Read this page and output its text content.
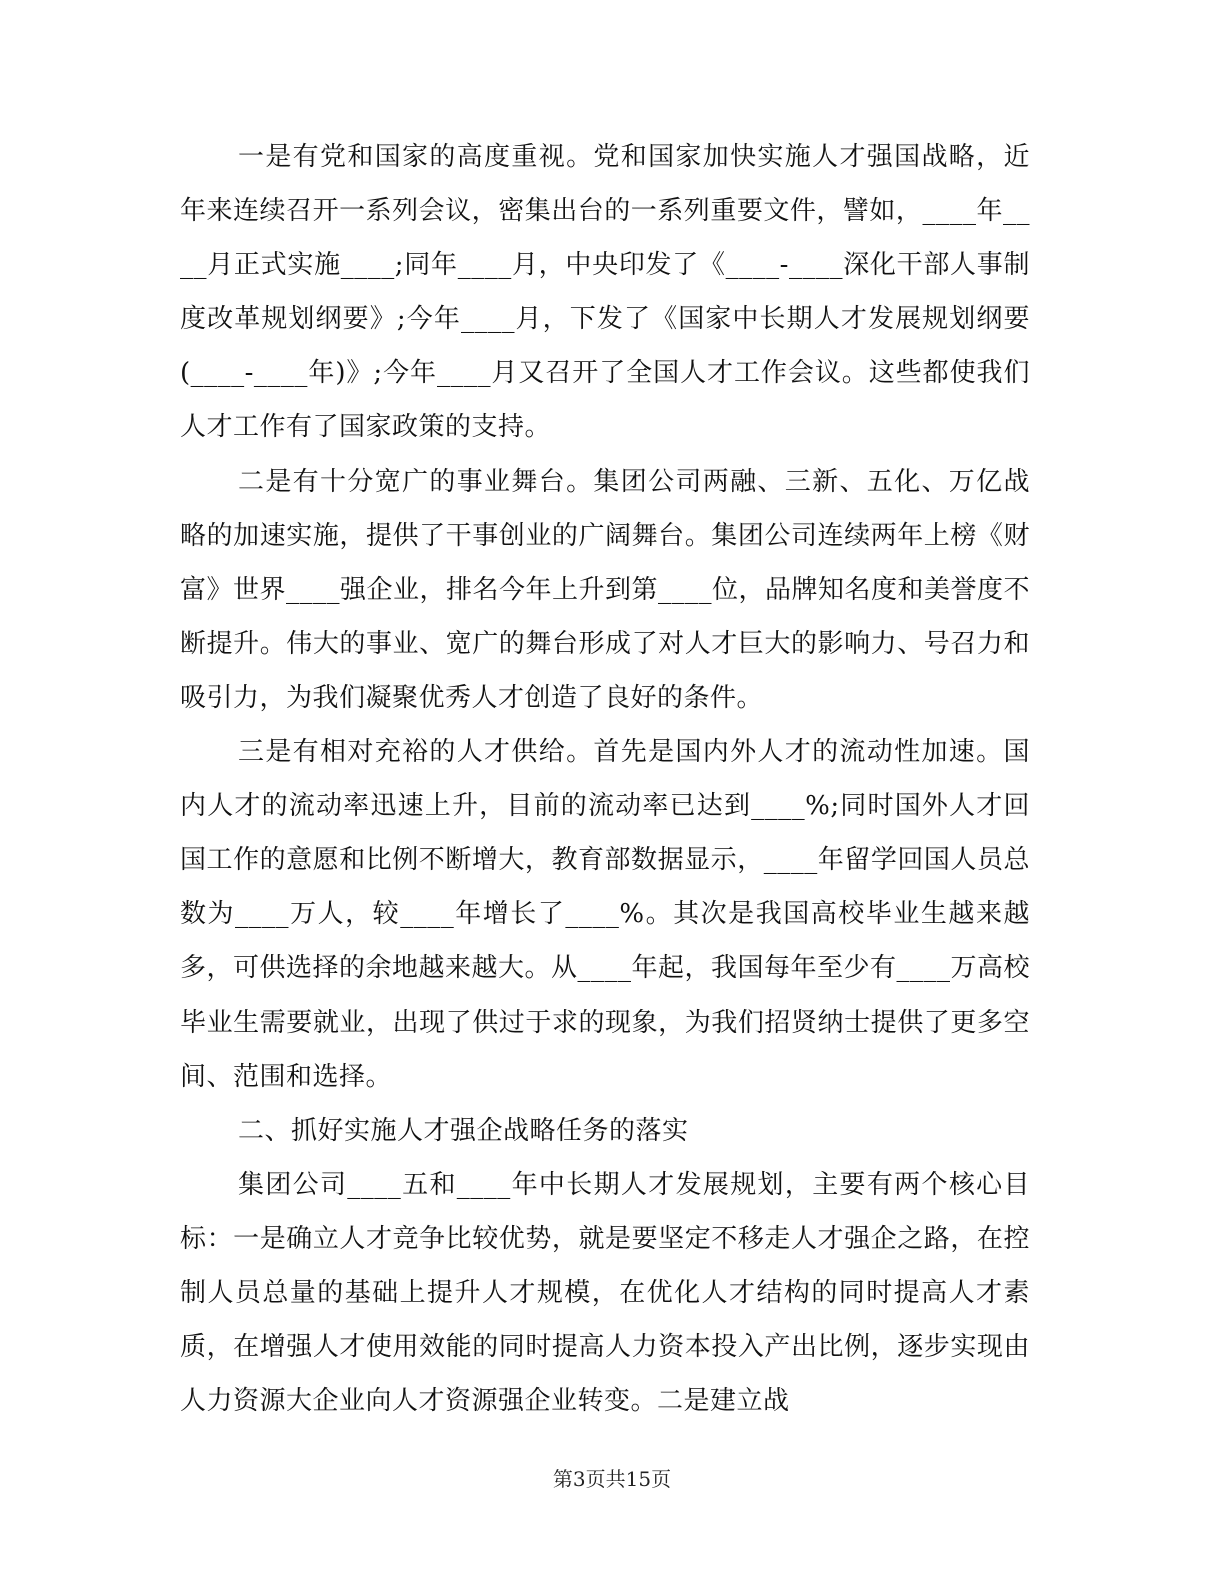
一是有党和国家的高度重视。党和国家加快实施人才强国战略，近年来连续召开一系列会议，密集出台的一系列重要文件，譬如，____年____月正式实施____;同年____月，中央印发了《____-____深化干部人事制度改革规划纲要》;今年____月，下发了《国家中长期人才发展规划纲要(____-____年)》;今年____月又召开了全国人才工作会议。这些都使我们人才工作有了国家政策的支持。

二是有十分宽广的事业舞台。集团公司两融、三新、五化、万亿战略的加速实施，提供了干事创业的广阔舞台。集团公司连续两年上榜《财富》世界____强企业，排名今年上升到第____位，品牌知名度和美誉度不断提升。伟大的事业、宽广的舞台形成了对人才巨大的影响力、号召力和吸引力，为我们凝聚优秀人才创造了良好的条件。

三是有相对充裕的人才供给。首先是国内外人才的流动性加速。国内人才的流动率迅速上升，目前的流动率已达到____%;同时国外人才回国工作的意愿和比例不断增大，教育部数据显示，____年留学回国人员总数为____万人，较____年增长了____%。其次是我国高校毕业生越来越多，可供选择的余地越来越大。从____年起，我国每年至少有____万高校毕业生需要就业，出现了供过于求的现象，为我们招贤纳士提供了更多空间、范围和选择。

二、抓好实施人才强企战略任务的落实

集团公司____五和____年中长期人才发展规划，主要有两个核心目标：一是确立人才竞争比较优势，就是要坚定不移走人才强企之路，在控制人员总量的基础上提升人才规模，在优化人才结构的同时提高人才素质，在增强人才使用效能的同时提高人力资本投入产出比例，逐步实现由人力资源大企业向人才资源强企业转变。二是建立战

第3页共15页
